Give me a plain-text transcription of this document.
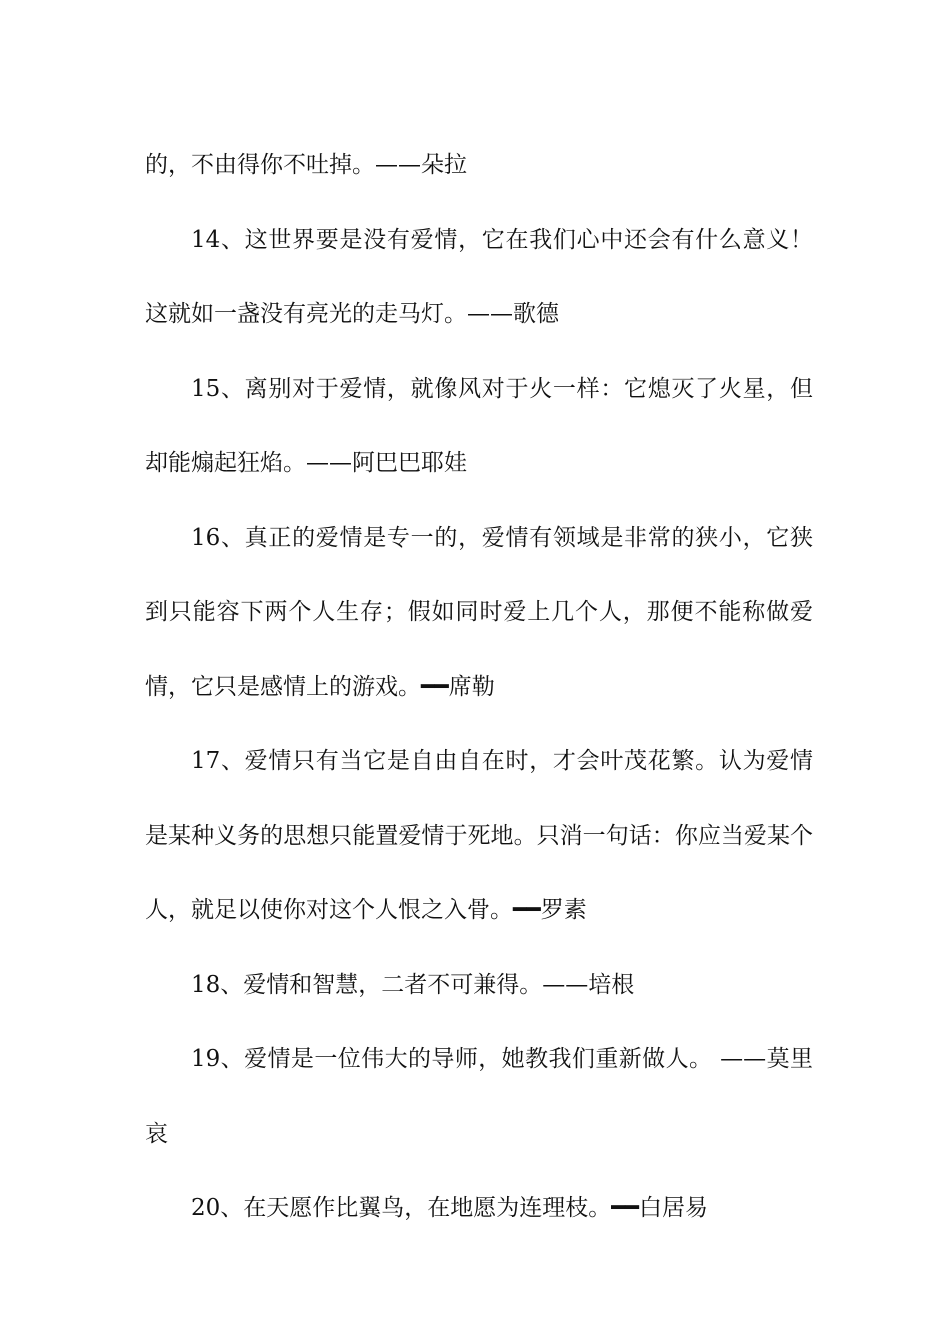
的，不由得你不吐掉。——朵拉

14、这世界要是没有爱情，它在我们心中还会有什么意义！这就如一盏没有亮光的走马灯。——歌德

15、离别对于爱情，就像风对于火一样：它熄灭了火星，但却能煽起狂焰。——阿巴巴耶娃

16、真正的爱情是专一的，爱情有领域是非常的狭小，它狭到只能容下两个人生存；假如同时爱上几个人，那便不能称做爱情，它只是感情上的游戏。━━席勒

17、爱情只有当它是自由自在时，才会叶茂花繁。认为爱情是某种义务的思想只能置爱情于死地。只消一句话：你应当爱某个人，就足以使你对这个人恨之入骨。━━罗素

18、爱情和智慧，二者不可兼得。——培根

19、爱情是一位伟大的导师，她教我们重新做人。 ——莫里哀

20、在天愿作比翼鸟，在地愿为连理枝。━━白居易
